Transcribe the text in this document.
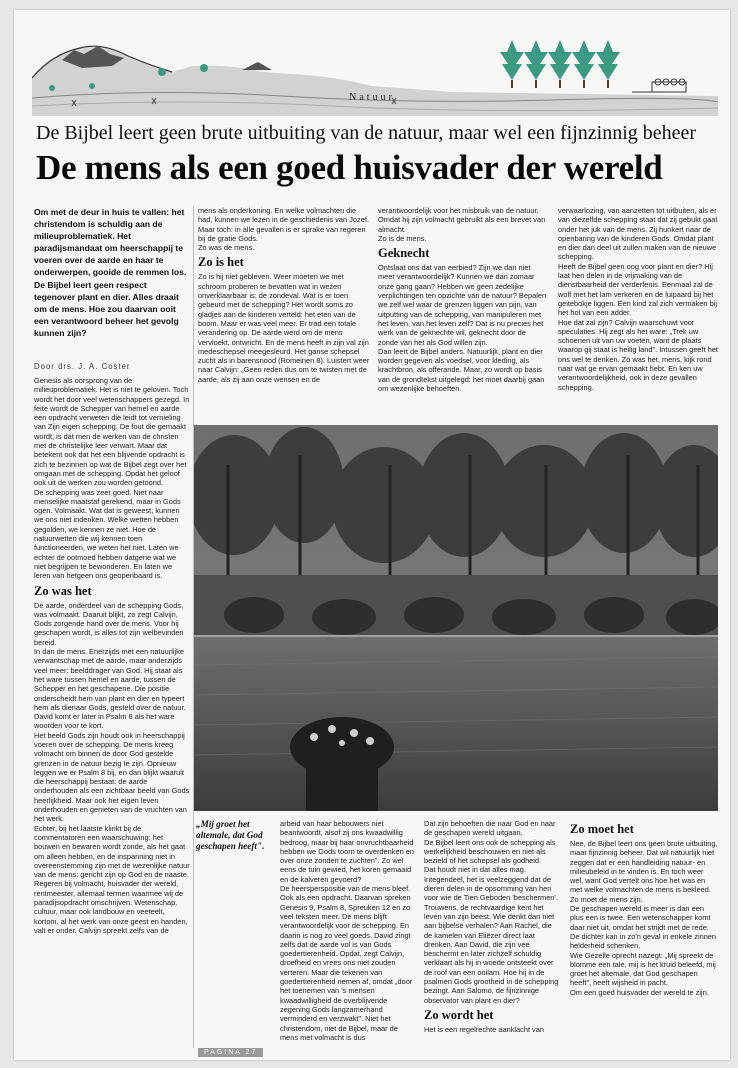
Natuur
De Bijbel leert geen brute uitbuiting van de natuur, maar wel een fijnzinnig beheer
De mens als een goed huisvader der wereld
Om met de deur in huis te vallen: het christendom is schuldig aan de milieuproblematiek. Het paradijsmandaat om heerschappij te voeren over de aarde en haar te onderwerpen, gooide de remmen los. De Bijbel leert geen respect tegenover plant en dier. Alles draait om de mens. Hoe zou daarvan ooit een verantwoord beheer het gevolg kunnen zijn?
Door drs. J. A. Coster

Genesis als oorsprong van de milieuproblematiek. Het is niet te geloven. Toch wordt het door veel wetenschappers gezegd. In feite wordt de Schepper van hemel en aarde een opdracht verweten die leidt tot vernieling van Zijn eigen schepping. De fout die gemaakt wordt, is dat men de werken van de christen met de christelijke leer verwart. Maar dat betekent ook dat het een blijvende opdracht is zich te bezinnen op wat de Bijbel zegt over het omgaan met de schepping. Opdat het geloof ook uit de werken zou worden getoond.
De schepping was zeer goed. Niet naar menselijke maatstaf gerekend, maar in Gods ogen. Volmaakt. Wat dat is geweest, kunnen we ons niet indenken. Welke wetten hebben gegolden, we kennen ze niet. Hoe de natuurwetten die wij kennen toen functioneerden, we weten het niet. Laten we echter de ootmoed hebben datgene wat we niet begrijpen te bewonderen. En laten we leren van hetgeen ons geopenbaard is.

Zo was het

De aarde, onderdeel van de schepping Gods, was volmaakt. Daaruit blijkt, zo zegt Calvijn, Gods zorgende hand over de mens. Voor hij geschapen wordt, is alles tot zijn welbevinden bereid.
In dan de mens. Enerzijds met een natuurlijke verwantschap met de aarde, maar anderzijds veel meer: beelddrager van God. Hij staat als het ware tussen hemel en aarde, tussen de Schepper en het geschapene. Die positie onderscheidt hem van plant en dier en typeert hem als dienaar Gods, gesteld over de natuur. David komt er later in Psalm 8 als het ware woorden voor te kort.
Het beeld Gods zijn houdt ook in heerschappij voeren over de schepping. De mens kreeg volmacht om binnen de door God gestelde grenzen in de natuur bezig te zijn. Opnieuw leggen we er Psalm 8 bij, en dan blijkt waaruit die heerschappij bestaat: de aarde onderhouden als een zichtbaar beeld van Gods heerlijkheid. Maar ook het eigen leven onderhouden en genieten van de vruchten van het werk.
Echter, bij het laatste klinkt bij de commentatoren een waarschuwing: het bouwen en bewaren wordt zonde, als het gaat om alleen hebben, en de inspanning niet in overeenstemming zijn met de wezenlijke natuur van de mens: gericht zijn op God en de naaste.
Regeren bij volmacht, huisvader der wereld, rentmeester, allemaal termen waarmee wij de paradijsopdracht omschrijven. Wetenschap, cultuur, maar ook landbouw en veeteelt, kortom, al het werk van onze geest en handen, valt er onder. Calvijn spreekt zelfs van de

mens als onderkoning. En welke volmachten die had, kunnen we lezen in de geschiedenis van Jozef. Maar toch: in alle gevallen is er sprake van regeren bij de gratie Gods.
Zo was de mens.

Zo is het

Zo is hij niet gebleven. Weer moeten we met schroom proberen te bevatten wat in wezen onverklaarbaar is: de zondeval. Wat is er toen gebeurd met de schepping? Het wordt soms zo gladjes aan de kinderen verteld: het eten van de boom. Maar er was veel meer. Er trad een totale verandering op. De aarde werd om de mens vervloekt, ontwricht. En de mens heeft in zijn val zijn medeschepsel meegesleurd. Het ganse schepsel zucht als in barensnood (Romeinen 8). Luistert weer naar Calvijn: „Geen reden dus om te twisten met de aarde, als zij aan onze wensen en de

verantwoordelijk voor het misbruik van de natuur. Omdat hij zijn volmacht gebruikt als een brevet van almacht.
Zo is de mens.

Geknecht

Ontslaat ons dat van eerbied? Zijn we dan niet meer verantwoordelijk? Kunnen we dan zomaar onze gang gaan? Hebben we geen zedelijke verplichtingen ten opzichte van de natuur? Bepalen we zelf wel waar de grenzen liggen van pijn, van uitputting van de schepping, van manipuleren met het leven, van het leven zelf? Dat is nu precies het werk van de geknechte wil, geknecht door de zonde van het als God willen zijn.
Dan leert de Bijbel anders. Natuurlijk, plant en dier worden gegeven als voedsel, voor kleding, als krachtbron, als offerande. Maar, zo wordt op basis van de grondtekst uitgelegd: het moet daarbij gaan om wezenlijke behoeften.

verwaarlozing, van aanzetten tot uitbuiten, als er van diezelfde schepping staat dat zij gebukt gaat onder het juk van de mens. Zij hunkert naar de openbaring van de kinderen Gods. Omdat plant en dier dan deel uit zullen maken van de nieuwe schepping.
Heeft de Bijbel geen oog voor plant en dier? Hij laat hen delen in de vrijmaking van de dienstbaarheid der verderfenis. Eenmaal zal de wolf met het lam verkeren en de luipaard bij het geitebokje liggen. Een kind zal zich vermaken bij het hol van een adder.
Hoe dat zal zijn? Calvijn waarschuwt voor speculaties. Hij zegt als het ware: „Trek uw schoenen uit van uw voeten, want de plaats waarop gij staat is heilig land". Intussen geeft het ons wel te denken. Zo was het, mens, kijk rond naar wat ge ervan gemaakt hebt. En ken uw verantwoordelijkheid, ook in deze gevallen schepping.

„Mij groet het altemale, dat God geschapen heeft".

arbeid van haar bebouwers niet beantwoordt, alsof zij ons kwaadwillig bedroog, maar bij haar onvruchtbaarheid hebben we Gods toorn te overdenken en over onze zonden te zuchten". Zo wel eens de tuin gewied, het koren gemaaid en de kalveren gevoerd?
De heersperspositie van de mens bleef. Ook als een opdracht. Daarvan spreken Genesis 9, Psalm 8, Spreuken 12 en zo veel teksten meer. De mens blijft verantwoordelijk voor de schepping. En daarin is nog zo veel goeds. David zingt zelfs dat de aarde vol is van Gods goedertierenheid. Opdat, zegt Calvijn, droefheid en vrees ons niet zouden verteren. Maar die tekenen van goedertierenheid nemen af, omdat „door het toenemen van 's mensen kwaadwilligheid de overblijvende zegening Gods langzamerhand verminderd en verzwakt". Niet het christendom, niet de Bijbel, maar de mens met volmacht is dus

Dat zijn behoeften die naar God en naar de geschapen wereld uitgaan.
De Bijbel leert ons ook de schepping als werkelijkheid beschouwen en niet als bezield of het schepsel als godheid.
Dat houdt niet in dat alles mag. Integendeel, het is veelzeggend dat de dieren delen in de opsomming van hen voor wie de Tien Geboden 'beschermen'.
Trouwens, de rechtvaardige kent het leven van zijn beest. Wie denkt dan niet aan bijbelse verhalen? Aan Rachel, die de kamelen van Eliëzer direct laat drenken. Aan David, die zijn vee beschermt en later zichzelf schuldig verklaart als hij in woede ontsteekt over de roof van een ooilam. Hoe hij in de psalmen Gods grootheid in de schepping bezingt. Aan Salomo, de fijnzinnige observator van plant en dier?

Zo wordt het

Het is een regelrechte aanklacht van

Zo moet het

Nee, de Bijbel leert ons geen brute uitbuiting, maar fijnzinnig beheer. Dat wil natuurlijk niet zeggen dat er een handleiding natuur- en milieubeleid in te vinden is. En toch weer wel, want God vertelt ons hoe het was en met welke volmachten de mens is bekleed. Zo moet de mens zijn.
De geschapen wereld is meer is dan een plus een is twee. Een wetenschapper komt daar niet uit, omdat het strijdt met de rede. De dichter kan in zo'n geval in enkele zinnen helderheid schenken.
Wie Gezelle oprecht nazegt: „Mij spreekt de blomme een tale, mij is het kruid beleefd, mij groet het altemale, dat God geschapen heeft", heeft wijsheid in pacht.
Om een goed huisvader der wereld te zijn.

PAGINA 27
